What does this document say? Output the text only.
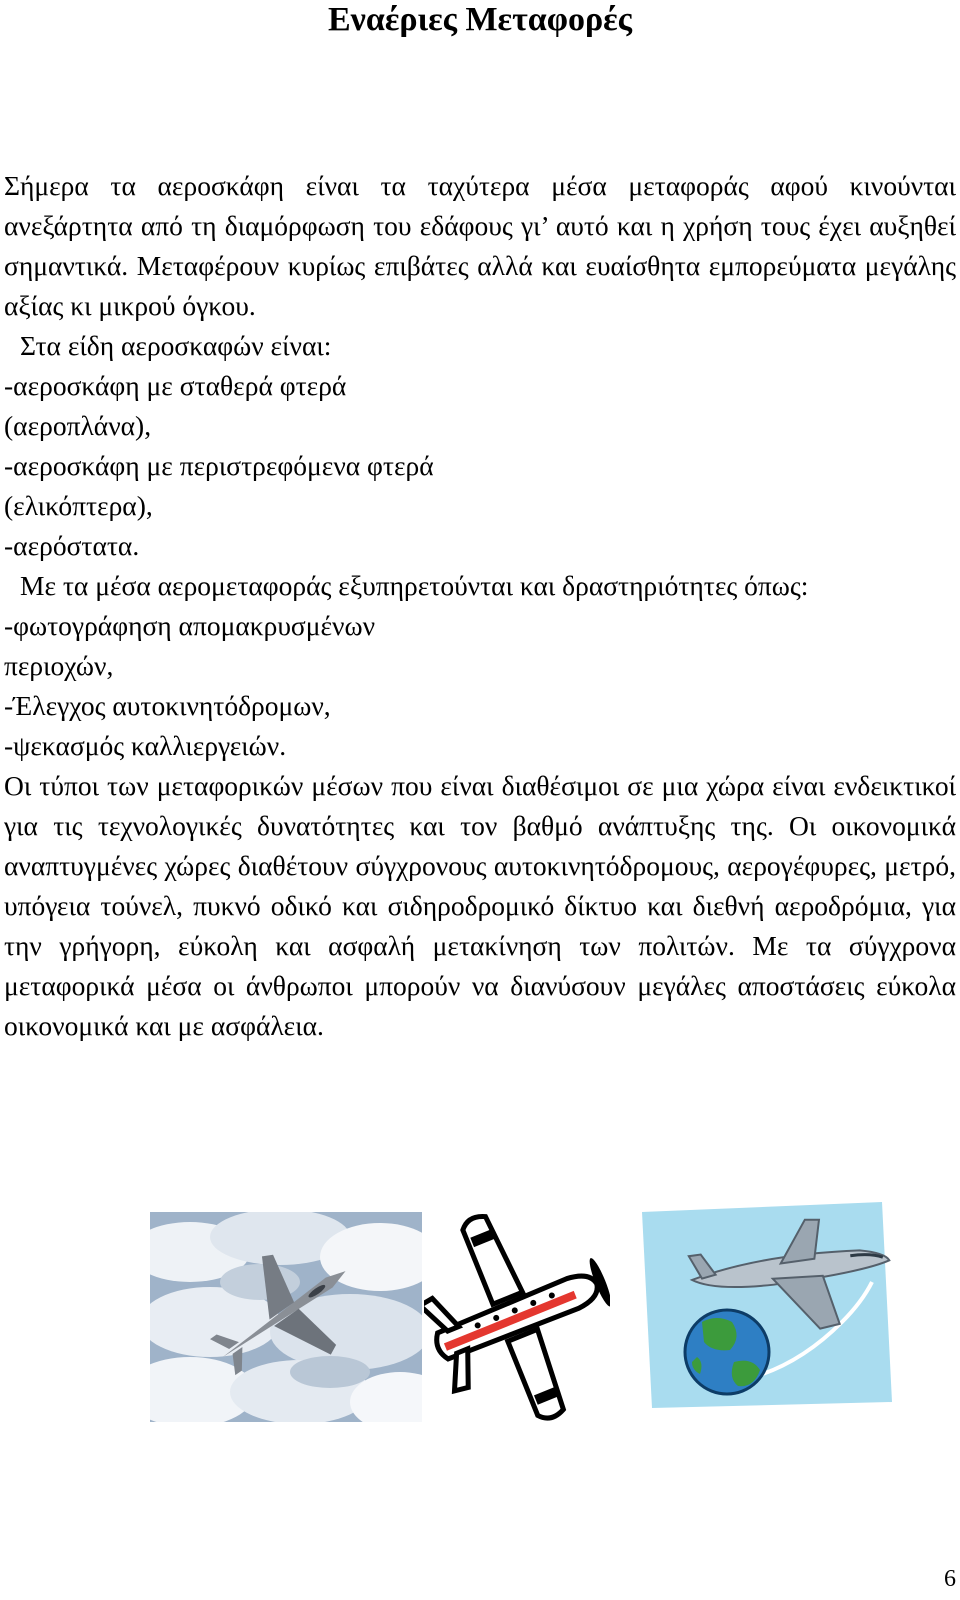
Εναέριες Μεταφορές

Σήμερα τα αεροσκάφη είναι τα ταχύτερα μέσα μεταφοράς αφού κινούνται ανεξάρτητα από τη διαμόρφωση του εδάφους γι’ αυτό και η χρήση τους έχει αυξηθεί σημαντικά. Μεταφέρουν κυρίως επιβάτες αλλά και ευαίσθητα εμπορεύματα μεγάλης αξίας κι μικρού όγκου.

Στα είδη αεροσκαφών είναι:

-αεροσκάφη με σταθερά φτερά

(αεροπλάνα),

-αεροσκάφη με περιστρεφόμενα φτερά

(ελικόπτερα),

-αερόστατα.

Με τα μέσα αερομεταφοράς εξυπηρετούνται και δραστηριότητες όπως:

-φωτογράφηση απομακρυσμένων

περιοχών,

-Έλεγχος αυτοκινητόδρομων,

-ψεκασμός καλλιεργειών.

Οι τύποι των μεταφορικών μέσων που είναι διαθέσιμοι σε μια χώρα είναι ενδεικτικοί για τις τεχνολογικές δυνατότητες και τον βαθμό ανάπτυξης της. Οι οικονομικά αναπτυγμένες χώρες διαθέτουν σύγχρονους αυτοκινητόδρομους, αερογέφυρες, μετρό, υπόγεια τούνελ, πυκνό οδικό και σιδηροδρομικό δίκτυο και διεθνή αεροδρόμια, για την γρήγορη, εύκολη και ασφαλή μετακίνηση των πολιτών. Με τα σύγχρονα μεταφορικά μέσα οι άνθρωποι μπορούν να διανύσουν μεγάλες αποστάσεις εύκολα οικονομικά και με ασφάλεια.

6
